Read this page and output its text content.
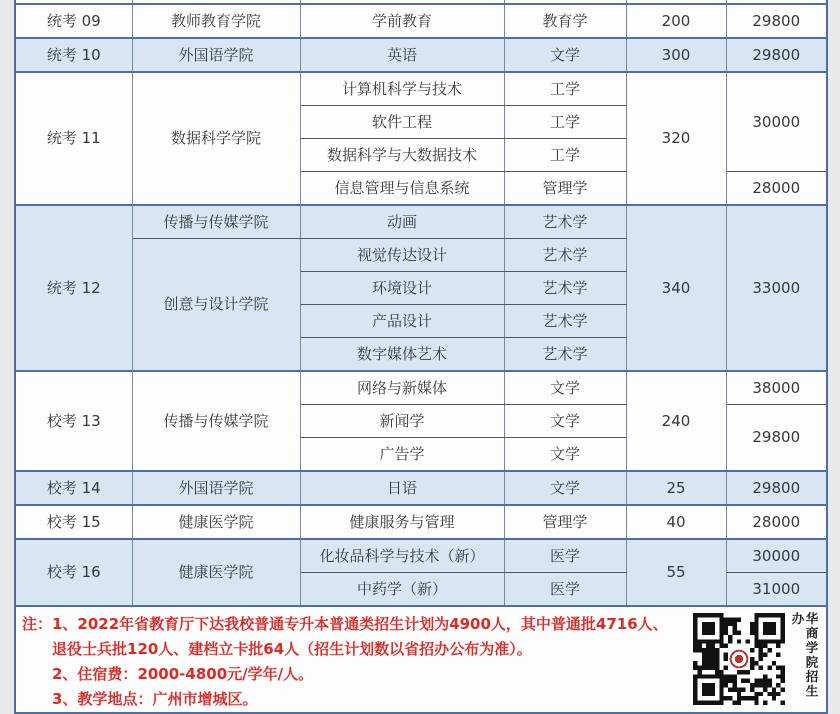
统考 09	教师教育学院	学前教育	教育学	200	29800
统考 10	外国语学院	英语	文学	300	29800
统考 11	数据科学学院	计算机科学与技术	工学	320	30000
		软件工程	工学		
		数据科学与大数据技术	工学		
		信息管理与信息系统	管理学		28000
统考 12	传播与传媒学院	动画	艺术学	340	33000
	创意与设计学院	视觉传达设计	艺术学		
		环境设计	艺术学		
		产品设计	艺术学		
		数字媒体艺术	艺术学		
校考 13	传播与传媒学院	网络与新媒体	文学	240	38000
		新闻学	文学		29800
		广告学	文学		
校考 14	外国语学院	日语	文学	25	29800
校考 15	健康医学院	健康服务与管理	管理学	40	28000
校考 16	健康医学院	化妆品科学与技术（新）	医学	55	30000
		中药学（新）	医学		31000

注：1、2022年省教育厅下达我校普通专升本普通类招生计划为4900人，其中普通批4716人、
退役士兵批120人、建档立卡批64人（招生计划数以省招办公布为准）。
2、住宿费：2000-4800元/学年/人。
3、教学地点：广州市增城区。 华商学院招生办					
